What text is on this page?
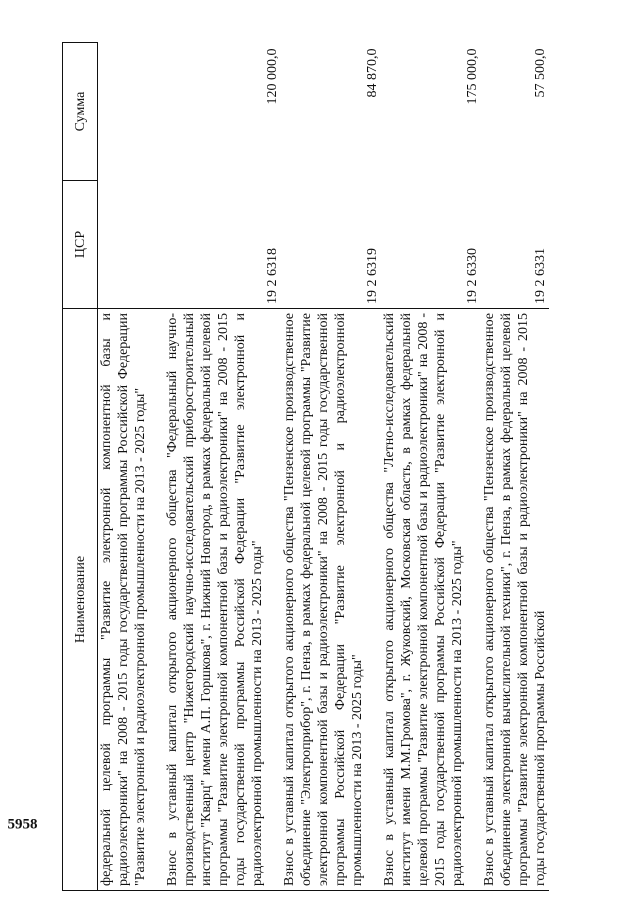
5958
Наименование	ЦСР	Сумма

федеральной целевой программы "Развитие электронной компонентной базы и радиоэлектроники" на 2008 - 2015 годы государственной программы Российской Федерации "Развитие электронной и радиоэлектронной промышленности на 2013 - 2025 годы"		

Взнос в уставный капитал открытого акционерного общества "Федеральный научно-производственный центр "Нижегородский научно-исследовательский приборостроительный институт "Кварц" имени А.П. Горшкова", г. Нижний Новгород, в рамках федеральной целевой программы "Развитие электронной компонентной базы и радиоэлектроники" на 2008 - 2015 годы государственной программы Российской Федерации "Развитие электронной и радиоэлектронной промышленности на 2013 - 2025 годы"	19 2 6318	120 000,0

Взнос в уставный капитал открытого акционерного общества "Пензенское производственное объединение "Электроприбор", г. Пенза, в рамках федеральной целевой программы "Развитие электронной компонентной базы и радиоэлектроники" на 2008 - 2015 годы государственной программы Российской Федерации "Развитие электронной и радиоэлектронной промышленности на 2013 - 2025 годы"	19 2 6319	84 870,0

Взнос в уставный капитал открытого акционерного общества "Летно-исследовательский институт имени М.М.Громова", г. Жуковский, Московская область, в рамках федеральной целевой программы "Развитие электронной компонентной базы и радиоэлектроники" на 2008 - 2015 годы государственной программы Российской Федерации "Развитие электронной и радиоэлектронной промышленности на 2013 - 2025 годы"	19 2 6330	175 000,0

Взнос в уставный капитал открытого акционерного общества "Пензенское производственное объединение электронной вычислительной техники", г. Пенза, в рамках федеральной целевой программы "Развитие электронной компонентной базы и радиоэлектроники" на 2008 - 2015 годы государственной программы Российской	19 2 6331	57 500,0
